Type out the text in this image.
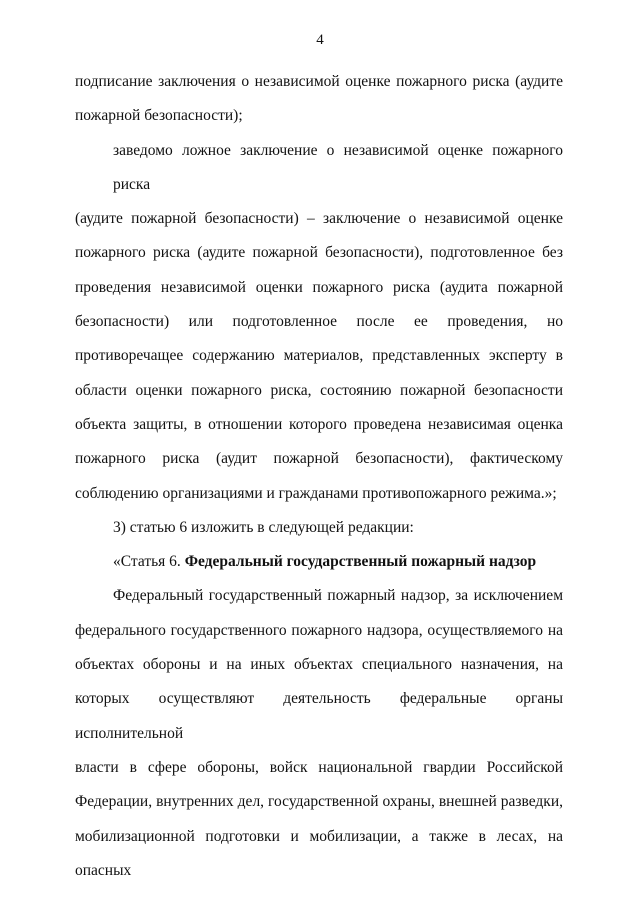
4
подписание заключения о независимой оценке пожарного риска (аудите
пожарной безопасности);
заведомо ложное заключение о независимой оценке пожарного риска
(аудите пожарной безопасности) – заключение о независимой оценке
пожарного риска (аудите пожарной безопасности), подготовленное без
проведения независимой оценки пожарного риска (аудита пожарной
безопасности) или подготовленное после ее проведения, но
противоречащее содержанию материалов, представленных эксперту в
области оценки пожарного риска, состоянию пожарной безопасности
объекта защиты, в отношении которого проведена независимая оценка
пожарного риска (аудит пожарной безопасности), фактическому
соблюдению организациями и гражданами противопожарного режима.»;
3) статью 6 изложить в следующей редакции:
«Статья 6. Федеральный государственный пожарный надзор
Федеральный государственный пожарный надзор, за исключением
федерального государственного пожарного надзора, осуществляемого на
объектах обороны и на иных объектах специального назначения, на
которых осуществляют деятельность федеральные органы исполнительной
власти в сфере обороны, войск национальной гвардии Российской
Федерации, внутренних дел, государственной охраны, внешней разведки,
мобилизационной подготовки и мобилизации, а также в лесах, на опасных
